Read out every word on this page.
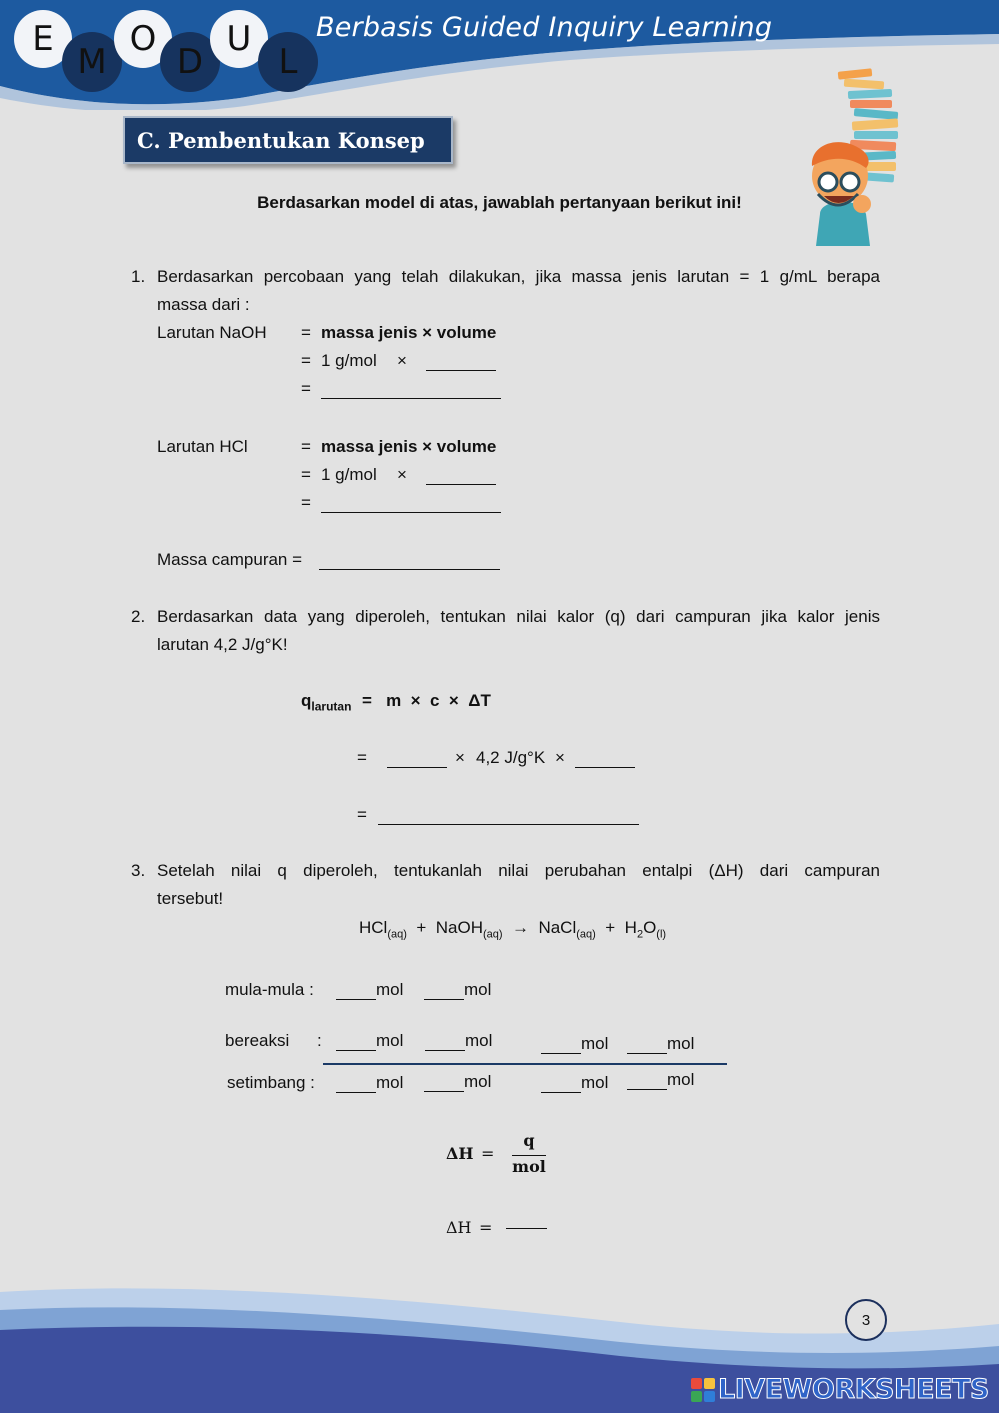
E
M
O
D
U
L
Berbasis Guided Inquiry Learning
C. Pembentukan Konsep
Berdasarkan model di atas, jawablah pertanyaan berikut ini!
1. Berdasarkan percobaan yang telah dilakukan, jika massa jenis larutan = 1 g/mL berapa
massa dari :
Larutan NaOH = massa jenis × volume
= 1 g/mol ×
=
Larutan HCl	= massa jenis × volume
= 1 g/mol ×
=
Massa campuran =
2. Berdasarkan data yang diperoleh, tentukan nilai kalor (q) dari campuran jika kalor jenis
larutan 4,2 J/g°K!
$q_{larutan} = m \times c \times \Delta T$
=	× 4,2 J/g°K ×
=
3. Setelah nilai q diperoleh, tentukanlah nilai perubahan entalpi (ΔH) dari campuran
tersebut!
HCl$_{(aq)}$ + NaOH$_{(aq)}$ → NaCl$_{(aq)}$ + $H_2O_{(l)}$
mula-mula :	mol	mol
bereaksi :	mol	mol	mol	mol
setimbang :	mol	mol	mol	mol
ΔH =
q
mol
ΔH =
3
LIVEWORKSHEETS
